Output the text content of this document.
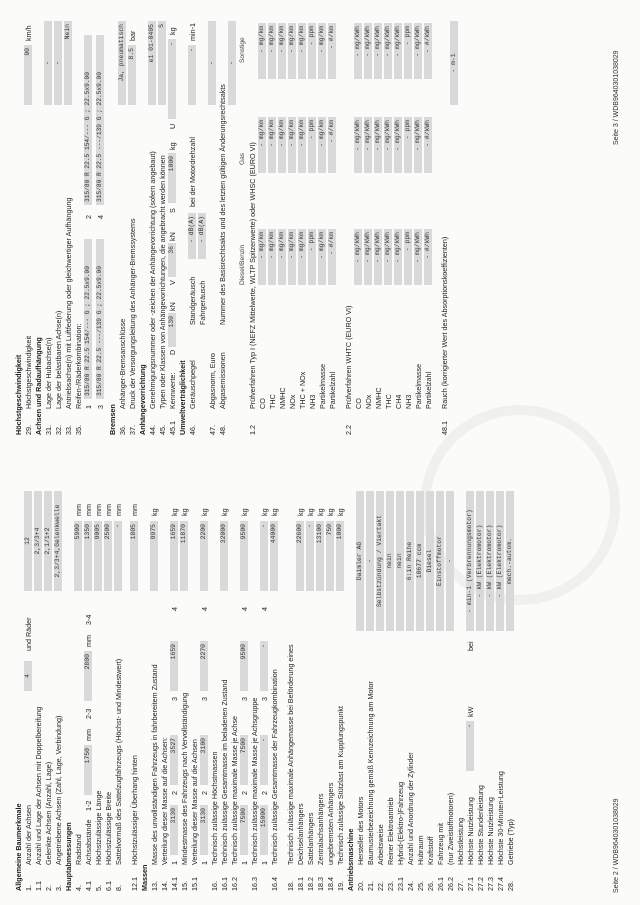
Allgemeine Baumerkmale 1.
Anzahl der Achsen
4
und Räder
12
1.1
Anzahl und Lage der Achsen mit Doppelbereifung
2,3/3+4
2.
Gelenkte Achsen (Anzahl, Lage)
2,1/1+2
3.
Angetriebene Achsen (Zahl, Lage, Verbindung)
2,3/3+4,Gelenkwelle
Hauptabmessungen 4.
Radstand
5900
mm
4.1
Achsabstände
1-2
1750
mm
2-3
2800
mm
3-4
1350
mm
5.
Höchstzulässige Länge
9005
mm
6.1
Höchstzulässige Breite
2500
mm
8.
Sattelvormaß des Sattelzugfahrzeugs (Höchst- und Mindestwert)
-
mm
12.1
Höchstzulässiger Überhang hinten
1805
mm
Massen 13.
Masse des unvollständigen Fahrzeugs in fahrbereitem Zustand
9975
kg
14.
Verteilung dieser Masse auf die Achsen:
14.1
1
3130
2
3527
3
1659
4
1659
kg
15.
Mindestmasse des Fahrzeugs nach Vervollständigung
11870
kg
15.1
Verteilung dieser Masse auf die Achsen 1
3130
2
3100
3
2270
4
2200
kg
16.
Technisch zulässige Höchstmassen
16.1
Technisch zulässige Gesamtmasse im beladenen Zustand
32000
kg
16.2
Technisch zulässige maximale Masse je Achse 1
7500
2
7500
3
9500
4
9500
kg
16.3
Technisch zulässige maximale Masse je Achsgruppe 1
15000
2
-
3
-
4
-
kg
16.4
Technisch zulässige Gesamtmasse der Fahrzeugkombination
44000
kg
18.
Technisch zulässige maximale Anhängemasse bei Beförderung eines
18.1
Deichselanhängers
22600
kg
18.2
Sattelanhängers
-
kg
18.3
Zentralachsanhängers
13100
kg
18.4
ungebremsten Anhängers
750
kg
19.
Technisch zulässige Stützlast am Kupplungspunkt
1000
kg
Antriebsmaschine 20.
Hersteller des Motors
Daimler AG
21.
Baumusterbezeichnung gemäß Kennzeichnung am Motor
-
22.
Arbeitsweise
Selbstzündung / Viertakt
23.
Reiner Elektroantrieb
nein
23.1
Hybrid-(Elektro-)Fahrzeug
nein
24.
Anzahl und Anordnung der Zylinder
6:in Reihe
25.
Hubraum
10677 ccm
26.
Kraftstoff
Diesel
26.1
Fahrzeug mit
Einstoffmotor
26.2
(nur Zweistoffmotoren)
-
27.
Höchstleistung
27.1
Höchste Nutzleistung
-
kW
bei
- min-1 (Verbrennungsmotor)
27.2
Höchste Stundenleistung
- kW (Elektromotor)
27.3
Höchste Nutzleistung
- kW (Elektromotor)
27.4
Höchste 30-Minuten-Leistung
- kW (Elektromotor)
28.
Getriebe (Typ)
mech.-autom.
Höchstgeschwindigkeit 29.
Höchstgeschwindigkeit
90
km/h
Achsen und Radaufhängung 31.
Lage der Hubachse(n)
-
32.
Lage der belastbaren Achse(n)
-
33.
Antriebsachse(n) mit Luftfederung oder gleichwertiger Aufhängung
Nein
35.
Reifen-/Räderkombination: 1
315/80 R 22.5 154/--- G ; 22.5x9.00
2
315/80 R 22.5 154/--- G ; 22.5x9.00
3
315/80 R 22.5 ---/139 G ; 22.5x9.00
4
315/80 R 22.5 ---/139 G ; 22.5x9.00
Bremsen 36.
Anhänger-Bremsanschlüsse
Ja, pneumatisch
37.
Druck der Versorgungsleitung des Anhänger-Bremssystems
8.5
bar
Anhängevorrichtung 44.
Genehmigungsnummer oder -zeichen der Anhängevorrichtung (sofern angebaut)
e1 01-0405
45.
Typen oder Klassen von Anhängevorrichtungen, die angebracht werden können
S
45.1
Kennwerte:
D
130
kN
V
36
kN
S
1000
kg
U
-
kg
Umweltverträglichkeit 46.
Geräuschpegel
Standgeräusch
- dB(A)
bei der Motordrehzahl
-
min-1
Fahrgeräusch
- dB(A)
47.
Abgasnorm, Euro
-
48.
Abgasemissionen
Nummer des Basisrechtsakts und des letzten gültigen Änderungsrechtsakts
-
Diesel/Benzin
Gas
Sonstige
1.2
Prüfverfahren Typ I (NEFZ Mittelwerte, WLTP Spitzenwerte) oder WHSC (EURO VI) CO
- mg/km
- mg/km
- mg/km
THC
- mg/km
- mg/km
- mg/km
NMHC
- mg/km
- mg/km
- mg/km
NOx
- mg/km
- mg/km
- mg/km
THC + NOx
- mg/km
- mg/km
- mg/km
NH3
- ppm
- ppm
- ppm
Partikelmasse
- mg/km
- mg/km
- mg/km
Partikelzahl
- #/km
- #/km
- #/km
2.2
Prüfverfahren WHTC (EURO VI) CO
- mg/kWh
- mg/kWh
- mg/kWh
NOx
- mg/kWh
- mg/kWh
- mg/kWh
NMHC
- mg/kWh
- mg/kWh
- mg/kWh
THC
- mg/kWh
- mg/kWh
- mg/kWh
CH4
- mg/kWh
- mg/kWh
- mg/kWh
NH3
- ppm
- ppm
- ppm
Partikelmasse
- mg/kWh
- mg/kWh
- mg/kWh
Partikelzahl
- #/kWh
- #/kWh
- #/kWh
48.1
Rauch (korrigierter Wert des Absorptionskoeffizienten)
- m-1
Seite 2 / WDB9640301038029
Seite 3 / WDB9640301038029
